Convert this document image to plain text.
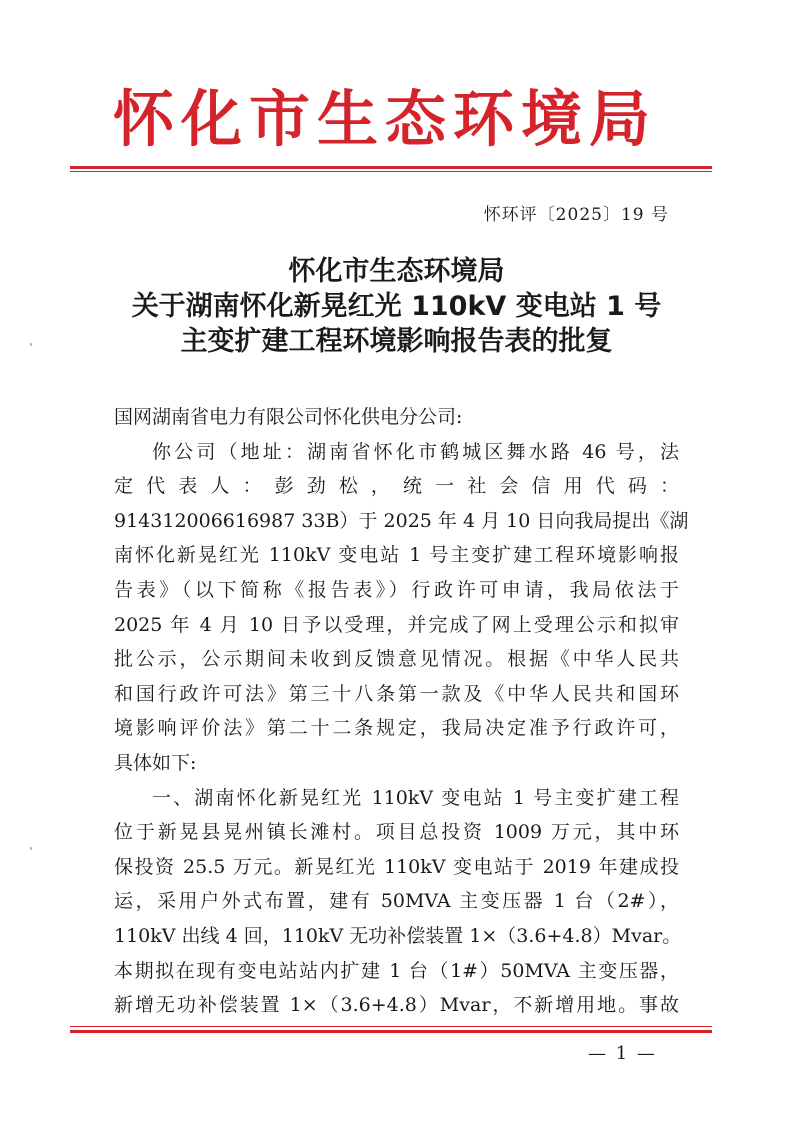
怀化市生态环境局
怀环评〔2025〕19 号
怀化市生态环境局
关于湖南怀化新晃红光 110kV 变电站 1 号
主变扩建工程环境影响报告表的批复
国网湖南省电力有限公司怀化供电分公司:
你公司（地址：湖南省怀化市鹤城区舞水路 46 号，法
定代表人：彭劲松，统一社会信用代码：
914312006616987 33B）于 2025 年 4 月 10 日向我局提出《湖
南怀化新晃红光 110kV 变电站 1 号主变扩建工程环境影响报
告表》（以下简称《报告表》）行政许可申请，我局依法于
2025 年 4 月 10 日予以受理，并完成了网上受理公示和拟审
批公示，公示期间未收到反馈意见情况。根据《中华人民共
和国行政许可法》第三十八条第一款及《中华人民共和国环
境影响评价法》第二十二条规定，我局决定准予行政许可，
具体如下:
一、湖南怀化新晃红光 110kV 变电站 1 号主变扩建工程
位于新晃县晃州镇长滩村。项目总投资 1009 万元，其中环
保投资 25.5 万元。新晃红光 110kV 变电站于 2019 年建成投
运，采用户外式布置，建有 50MVA 主变压器 1 台（2#），
110kV 出线 4 回，110kV 无功补偿装置 1×（3.6+4.8）Mvar。
本期拟在现有变电站站内扩建 1 台（1#）50MVA 主变压器，
新增无功补偿装置 1×（3.6+4.8）Mvar，不新增用地。事故
— 1 —
